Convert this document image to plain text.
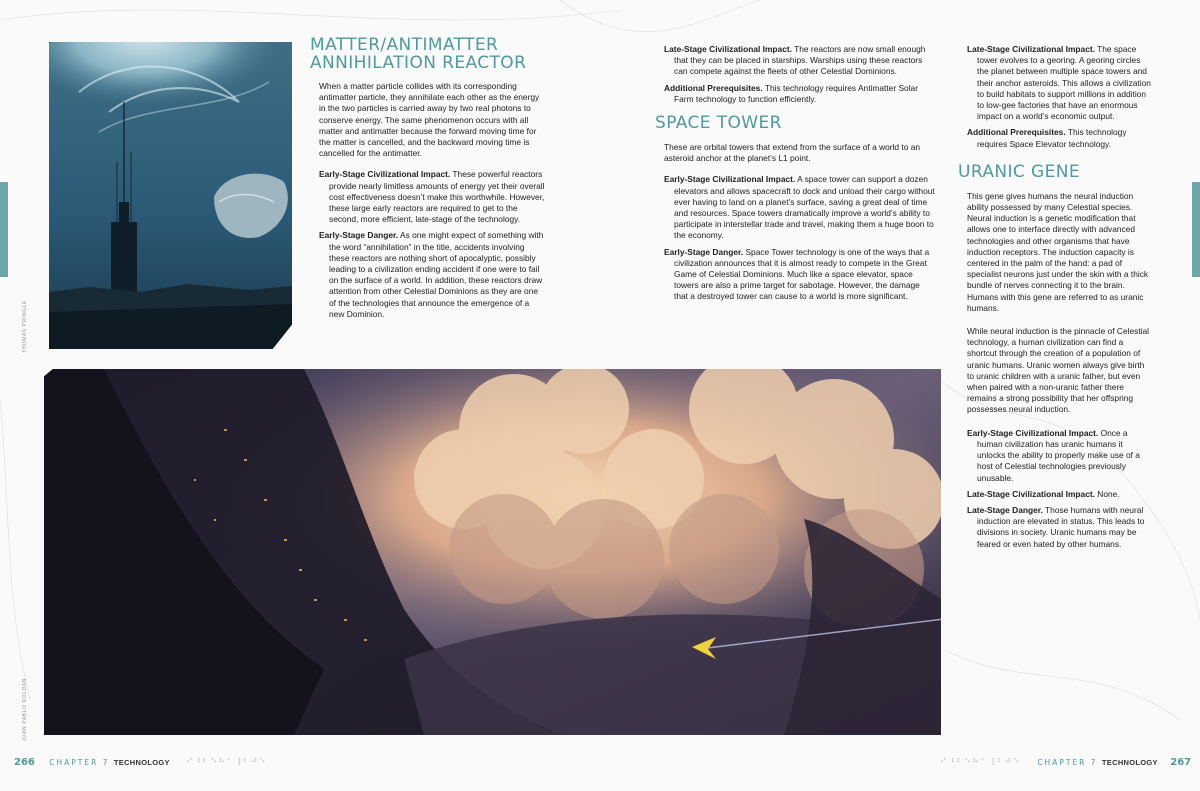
THOMAS PRINGLE
JUAN PABLO ROLDAN
MATTER/ANTIMATTER ANNIHILATION REACTOR

When a matter particle collides with its corresponding antimatter particle, they annihilate each other as the energy in the two particles is carried away by two real photons to conserve energy. The same phenomenon occurs with all matter and antimatter because the forward moving time for the matter is cancelled, and the backward moving time is cancelled for the antimatter.

Early-Stage Civilizational Impact. These powerful reactors provide nearly limitless amounts of energy yet their overall cost effectiveness doesn’t make this worthwhile. However, these large early reactors are required to get to the second, more efficient, late-stage of the technology.

Early-Stage Danger. As one might expect of something with the word “annihilation” in the title, accidents involving these reactors are nothing short of apocalyptic, possibly leading to a civilization ending accident if one were to fail on the surface of a world. In addition, these reactors draw attention from other Celestial Dominions as they are one of the technologies that announce the emergence of a new Dominion.

Late-Stage Civilizational Impact. The reactors are now small enough that they can be placed in starships. Warships using these reactors can compete against the fleets of other Celestial Dominions.

Additional Prerequisites. This technology requires Antimatter Solar Farm technology to function efficiently.

SPACE TOWER

These are orbital towers that extend from the surface of a world to an asteroid anchor at the planet’s L1 point.

Early-Stage Civilizational Impact. A space tower can support a dozen elevators and allows spacecraft to dock and unload their cargo without ever having to land on a planet’s surface, saving a great deal of time and resources. Space towers dramatically improve a world’s ability to participate in interstellar trade and travel, making them a huge boon to the economy.

Early-Stage Danger. Space Tower technology is one of the ways that a civilization announces that it is almost ready to compete in the Great Game of Celestial Dominions. Much like a space elevator, space towers are also a prime target for sabotage. However, the damage that a destroyed tower can cause to a world is more significant.

Late-Stage Civilizational Impact. The space tower evolves to a georing. A georing circles the planet between multiple space towers and their anchor asteroids. This allows a civilization to build habitats to support millions in addition to low-gee factories that have an enormous impact on a world’s economic output.

Additional Prerequisites. This technology requires Space Elevator technology.

URANIC GENE

This gene gives humans the neural induction ability possessed by many Celestial species. Neural induction is a genetic modification that allows one to interface directly with advanced technologies and other organisms that have induction receptors. The induction capacity is centered in the palm of the hand: a pad of specialist neurons just under the skin with a thick bundle of nerves connecting it to the brain. Humans with this gene are referred to as uranic humans.

While neural induction is the pinnacle of Celestial technology, a human civilization can find a shortcut through the creation of a population of uranic humans. Uranic women always give birth to uranic children with a uranic father, but even when paired with a non-uranic father there remains a strong possibility that her offspring possesses neural induction.

Early-Stage Civilizational Impact. Once a human civilization has uranic humans it unlocks the ability to properly make use of a host of Celestial technologies previously unusable.

Late-Stage Civilizational Impact. None.

Late-Stage Danger. Those humans with neural induction are elevated in status. This leads to divisions in society. Uranic humans may be feared or even hated by other humans.

266 CHAPTER 7 TECHNOLOGY ⠊⠘⠃⠑⠓⠁⠸⠃⠚⠑	⠊⠘⠃⠑⠓⠁⠸⠃⠚⠑ CHAPTER 7 TECHNOLOGY 267
